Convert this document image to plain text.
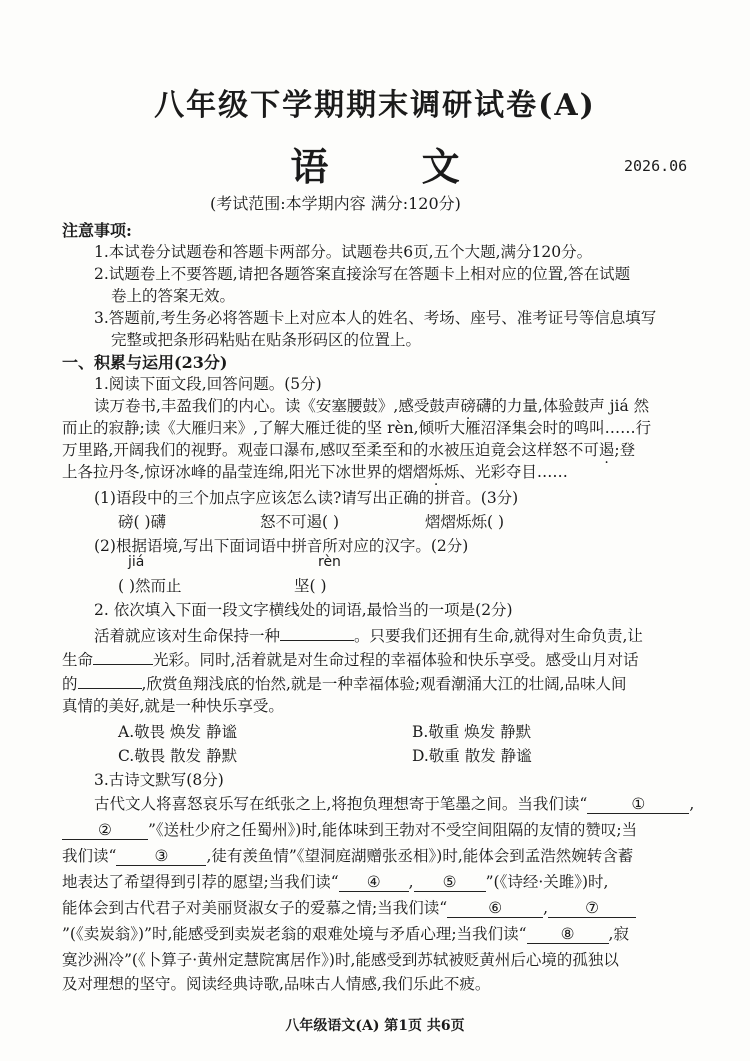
八年级下学期期末调研试卷(A)
语 文	2026.06
(考试范围:本学期内容 满分:120分)
注意事项:
1.本试卷分试题卷和答题卡两部分。试题卷共6页,五个大题,满分120分。
2.试题卷上不要答题,请把各题答案直接涂写在答题卡上相对应的位置,答在试题
卷上的答案无效。
3.答题前,考生务必将答题卡上对应本人的姓名、考场、座号、准考证号等信息填写
完整或把条形码粘贴在贴条形码区的位置上。
一、积累与运用(23分)
1.阅读下面文段,回答问题。(5分)
读万卷书,丰盈我们的内心。读《安塞腰鼓》,感受鼓声磅礴的力量,体验鼓声 jiá 然
而止的寂静;读《大雁归来》,了解大雁迁徙的坚 rèn,倾听大雁沼泽集会时的鸣叫……行
万里路,开阔我们的视野。观壶口瀑布,感叹至柔至和的水被压迫竟会这样怒不可遏;登
上各拉丹冬,惊讶冰峰的晶莹连绵,阳光下冰世界的熠熠烁烁、光彩夺目……
(1)语段中的三个加点字应该怎么读?请写出正确的拼音。(3分)
磅( )礴	怒不可遏( )	熠熠烁烁( )
(2)根据语境,写出下面词语中拼音所对应的汉字。(2分)
jiá	rèn
( )然而止	坚( )
2. 依次填入下面一段文字横线处的词语,最恰当的一项是(2分)
活着就应该对生命保持一种	。只要我们还拥有生命,就得对生命负责,让
生命	光彩。同时,活着就是对生命过程的幸福体验和快乐享受。感受山月对话
的	,欣赏鱼翔浅底的怡然,就是一种幸福体验;观看潮涌大江的壮阔,品味人间
真情的美好,就是一种快乐享受。
A.敬畏 焕发 静谧	B.敬重 焕发 静默
C.敬畏 散发 静默	D.敬重 散发 静谧
3.古诗文默写(8分)
古代文人将喜怒哀乐写在纸张之上,将抱负理想寄于笔墨之间。当我们读“	①	,
② ”《送杜少府之任蜀州》)时,能体味到王勃对不受空间阻隔的友情的赞叹;当
我们读“ ③ ,徒有羡鱼情”《望洞庭湖赠张丞相》)时,能体会到孟浩然婉转含蓄
地表达了希望得到引荐的愿望;当我们读“ ④ , ⑤ ”(《诗经·关雎》)时,
能体会到古代君子对美丽贤淑女子的爱慕之情;当我们读“	⑥	, ⑦
”(《卖炭翁》)”时,能感受到卖炭老翁的艰难处境与矛盾心理;当我们读“ ⑧ ,寂
寞沙洲冷”(《卜算子·黄州定慧院寓居作》)时,能感受到苏轼被贬黄州后心境的孤独以
及对理想的坚守。阅读经典诗歌,品味古人情感,我们乐此不疲。
八年级语文(A) 第1页 共6页
